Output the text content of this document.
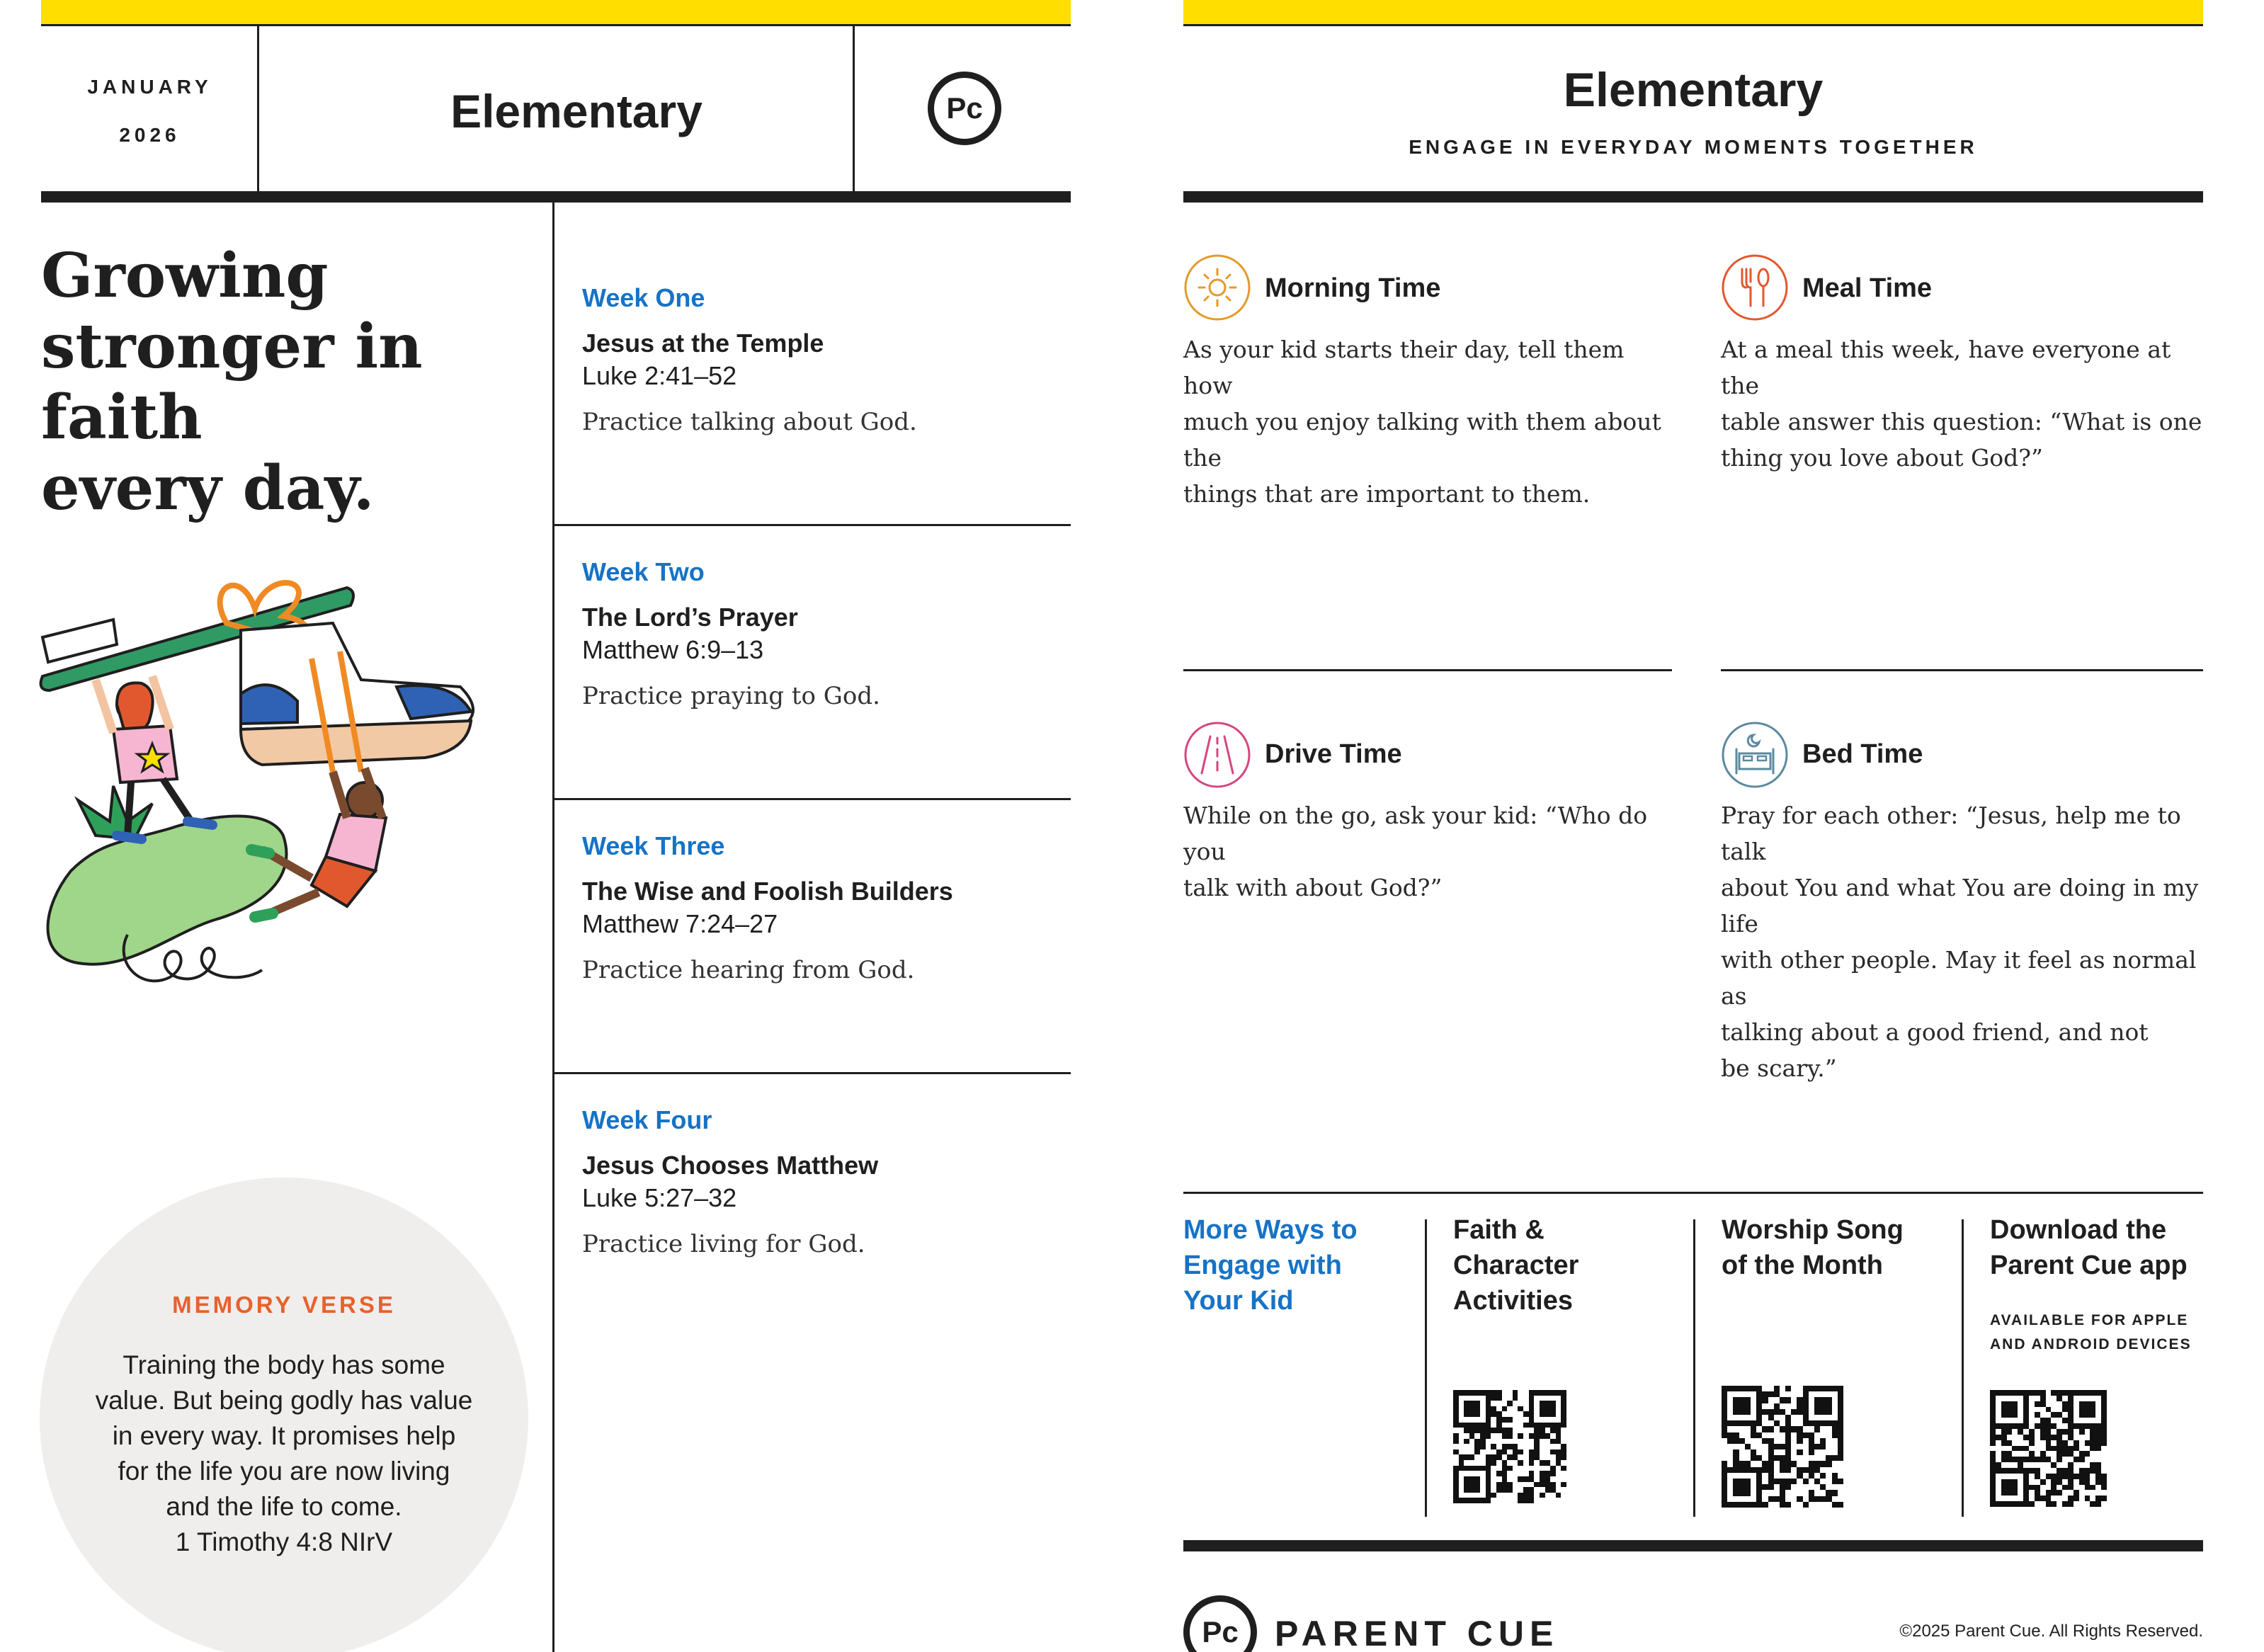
JANUARY
2026	Elementary	Pc
Growing
stronger in faith
every day.
MEMORY VERSE
Training the body has some
value. But being godly has value
in every way. It promises help
for the life you are now living
and the life to come.
1 Timothy 4:8 NIrV
Week One
Jesus at the Temple
Luke 2:41–52
Practice talking about God.
Week Two
The Lord’s Prayer
Matthew 6:9–13
Practice praying to God.
Week Three
The Wise and Foolish Builders
Matthew 7:24–27
Practice hearing from God.
Week Four
Jesus Chooses Matthew
Luke 5:27–32
Practice living for God.
Elementary
ENGAGE IN EVERYDAY MOMENTS TOGETHER
Morning Time
As your kid starts their day, tell them how
much you enjoy talking with them about the
things that are important to them.
Meal Time
At a meal this week, have everyone at the
table answer this question: “What is one
thing you love about God?”
Drive Time
While on the go, ask your kid: “Who do you
talk with about God?”
Bed Time
Pray for each other: “Jesus, help me to talk
about You and what You are doing in my life
with other people. May it feel as normal as
talking about a good friend, and not
be scary.”
More Ways to
Engage with
Your Kid
Faith &
Character
Activities
Worship Song
of the Month
Download the
Parent Cue app
AVAILABLE FOR APPLE
AND ANDROID DEVICES
Pc PARENT CUE	©2025 Parent Cue. All Rights Reserved.
